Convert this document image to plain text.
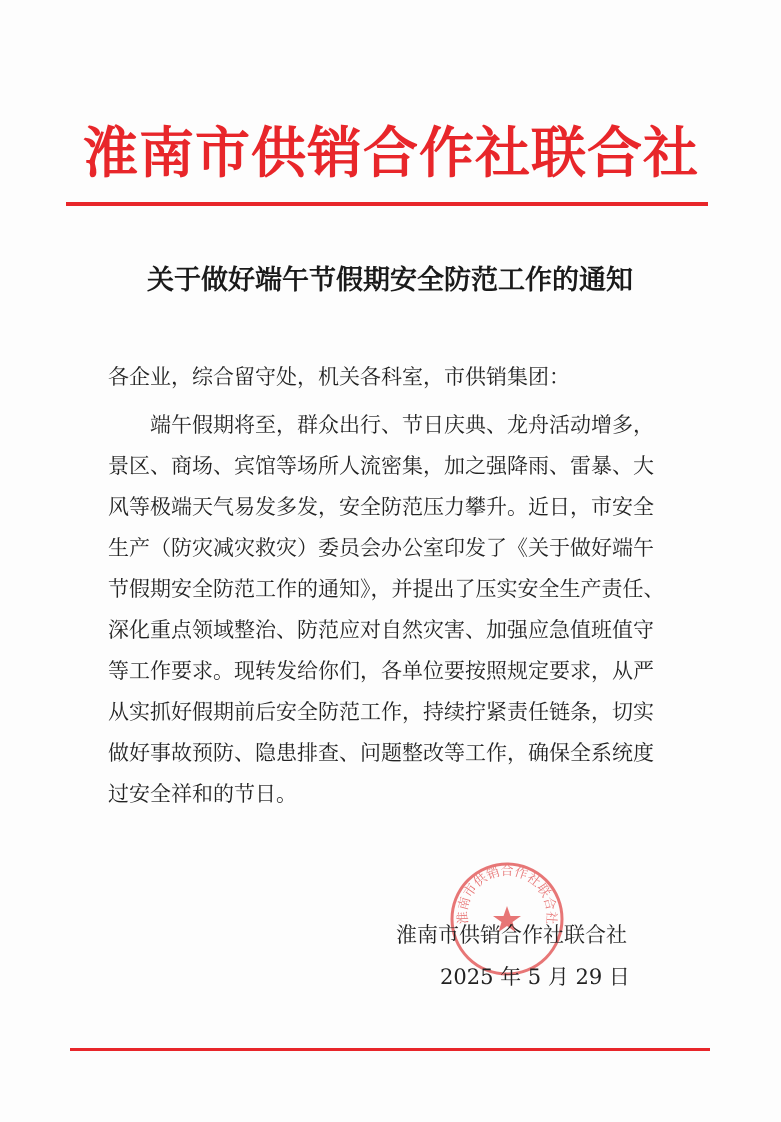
淮南市供销合作社联合社
关于做好端午节假期安全防范工作的通知
各企业，综合留守处，机关各科室，市供销集团：
端午假期将至，群众出行、节日庆典、龙舟活动增多，
景区、商场、宾馆等场所人流密集，加之强降雨、雷暴、大
风等极端天气易发多发，安全防范压力攀升。近日，市安全
生产（防灾减灾救灾）委员会办公室印发了《关于做好端午
节假期安全防范工作的通知》，并提出了压实安全生产责任、
深化重点领域整治、防范应对自然灾害、加强应急值班值守
等工作要求。现转发给你们，各单位要按照规定要求，从严
从实抓好假期前后安全防范工作，持续拧紧责任链条，切实
做好事故预防、隐患排查、问题整改等工作，确保全系统度
过安全祥和的节日。
淮南市供销合作社联合社
淮南市供销合作社联合社
2025 年 5 月 29 日
